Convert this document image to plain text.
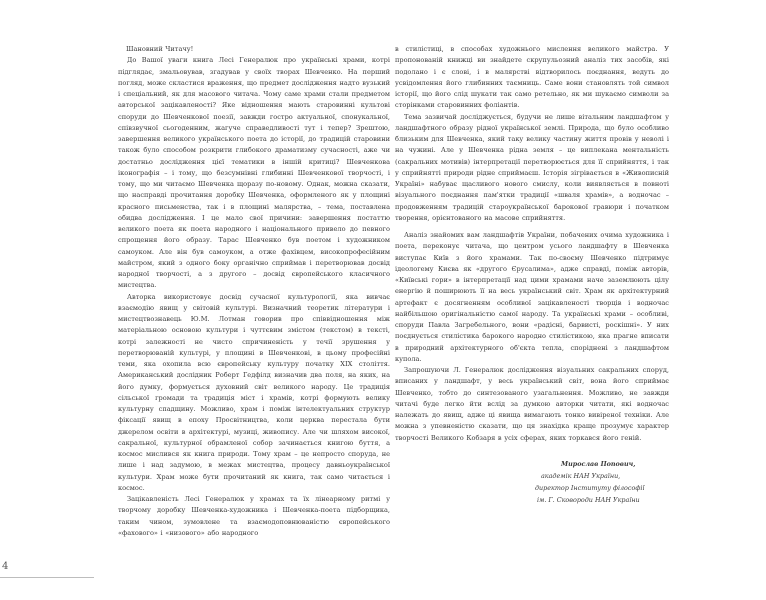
Шановний Читачу!

До Вашої уваги книга Лесі Генералюк про українські храми, котрі підглядає, змальовував, згадував у своїх творах Шевченко. На перший погляд, може скластися враження, що предмет дослідження надто вузький і спеціальний, як для масового читача. Чому саме храми стали предметом авторської зацікавленості? Яке відношення мають старовинні культові споруди до Шевченкової поезії, завжди гостро актуальної, спонукальної, співзвучної сьогоденним, жагуче справедливості тут і тепер? Зрештою, завершення великого українського поета до історії, до традицій старовини також було способом розкрити глибокого драматизму сучасності, аже чи достатньо дослідження цієї тематики в іншій критиці? Шевченкова іконографія – і тому, що безсумнівні глибинні Шевченкової творчості, і тому, що ми читаємо Шевченка щоразу по-новому. Однак, можна сказати, що насправді прочитання доробку Шевченка, оформленого як у площині красного письменства, так і в площині малярства, – тема, поставлена обидва дослідження. І це мало свої причини: завершення постаттю великого поета як поета народного і національного привело до певного спрощення його образу. Тарас Шевченко був поетом і художником самоуком. Але він був самоуком, а отже фахівцем, високопрофесійним майстром, який з одного боку органічно сприймав і перетворював досвід народної творчості, а з другого – досвід європейського класичного мистецтва.

Авторка використовує досвід сучасної культурології, яка вивчає взаємодію явищ у світовій культурі. Визначний теоретик літератури і мистецтвознавець Ю.М. Лотман говорив про співвідношення між матеріальною основою культури і чуттєвим змістом (текстом) в тексті, котрі залежності не чисто спричиненість у течії зрушення у перетворюваній культурі, у площині в Шевченкові, в цьому професійні теми, яка охопила всю європейську культуру початку XIX століття. Американський дослідник Роберт Гедфілд визначив два поля, на яких, на його думку, формується духовний світ великого народу. Це традиція сільської громади та традиція міст і храмів, котрі формують велику культурну спадщину. Можливо, храм і поміж інтелектуальних структур фіксації явищ в епоху Просвітництва, коли церква перестала бути джерелом освіти в архітектурі, музиці, живопису. Але чи шляхом високої, сакральної, культурної обрамленої собор зачинається книгою буття, а космос мислився як книга природи. Тому храм – це непросто споруда, не лише і над задумою, в межах мистецтва, процесу давньоукраїнської культури. Храм може бути прочитаний як книга, так само читається і космос.

Зацікавленість Лесі Генералюк у храмах та їх лінеарному ритмі у творчому доробку Шевченка-художника і Шевченка-поета підборщика, таким чином, зумовлене та взаємодоповнюваністю європейського «фахового» і «низового» або народного

в стилістиці, в способах художнього мислення великого майстра. У пропонованій книжці ви знайдете скрупульозний аналіз тих засобів, які подолано і є слові, і в малярстві відтворилось поєднання, ведуть до усвідомлення його глибинних таємниць. Саме вони становлять той символ історії, що його слід шукати так само ретельно, як ми шукаємо символи за сторінками старовинних фоліантів.

Тема зазвичай досліджується, будучи не лише вітальним ландшафтом у ландшафтного образу рідної української землі. Природа, що було особливо близьким для Шевченка, який таку велику частину життя провів у неволі і на чужині. Але у Шевченка рідна земля – це виплекана ментальність (сакральних мотивів) інтерпретації перетворюється для її сприйняття, і так у сприйнятті природи рідне сприймаєш. Історія зігрівається в «Живописній Україні» набуває щасливого нового смислу, коли виявляється в повноті візуального поєднання пам'ятки традиції «шваля храмів», а водночас – продовженням традицій староукраїнської барокової гравюри і початком творення, орієнтованого на масове сприйняття.

Аналіз знайомих вам ландшафтів України, побачених очима художника і поета, переконує читача, що центром усього ландшафту в Шевченка виступає Київ з його храмами. Так по-своєму Шевченко підтримує ідеологему Києва як «другого Єрусалима», адже справді, поміж авторів, «Київські гори» в інтерпретації над цими храмами наче заземлюють цілу енергію й поширюють її на весь український світ. Храм як архітектурний артефакт є досягненням особливої зацікавленості творців і водночас найбільшою оригінальністю самої народу. Та українські храми – особливі, споруди Павла Загребельного, вони «радісні, барвисті, роскішні». У них поєднується стилістика барокого народно стилістикою, яка прагне вписати в природний архітектурного об'єкта тепла, споріднені з ландшафтом купола.

Запрошуючи Л. Генералюк дослідження візуальних сакральних споруд, вписаних у ландшафт, у весь український світ, вона його сприймає Шевченко, тобто до синтезованого узагальнення. Можливо, не завжди читачі буде легко йти вслід за думкою авторки читати, які водночас належать до явищ, адже ці явища вимагають тонко вивіреної техніки. Але можна з упевненістю сказати, що ця знахідка краще прозумує характер творчості Великого Кобзаря в усіх сферах, яких торкався його геній.

Мирослав Попович,
академік НАН України,
директор Інституту філософії
ім. Г. Сковороди НАН України
4
